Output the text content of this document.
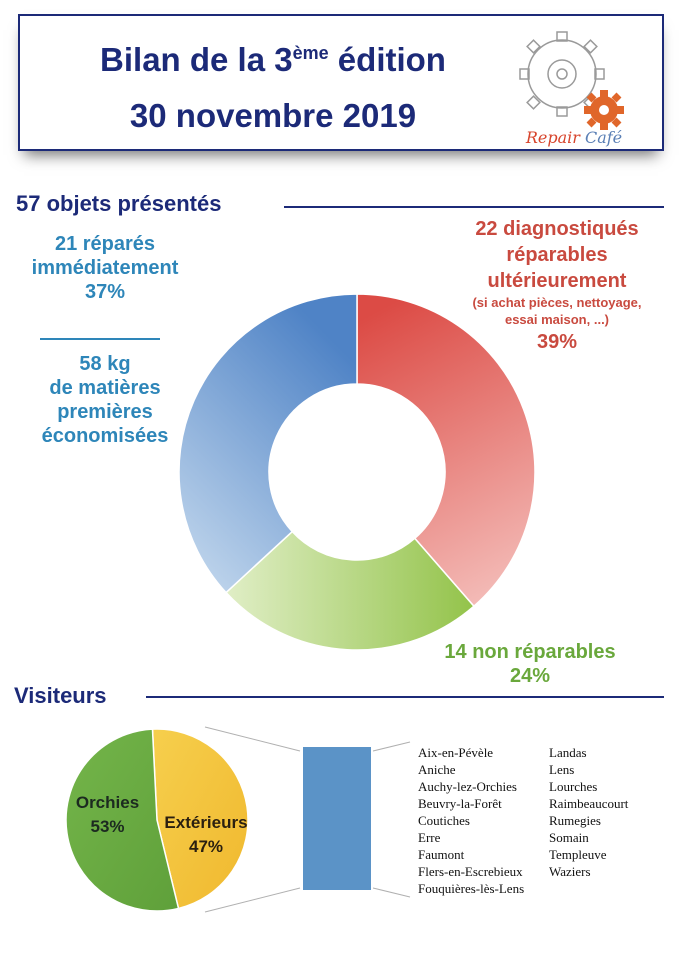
Bilan de la 3ème édition
30 novembre 2019
Repair Café
57 objets présentés
21 réparés
immédiatement
37%
58 kg
de matières
premières
économisées
22 diagnostiqués
réparables
ultérieurement
(si achat pièces, nettoyage,
essai maison, ...)
39%
14 non réparables
24%
Visiteurs
Orchies
53%	Extérieurs
47%
Aix-en-Pévèle
Aniche
Auchy-lez-Orchies
Beuvry-la-Forêt
Coutiches
Erre
Faumont
Flers-en-Escrebieux
Fouquières-lès-Lens
Landas
Lens
Lourches
Raimbeaucourt
Rumegies
Somain
Templeuve
Waziers
